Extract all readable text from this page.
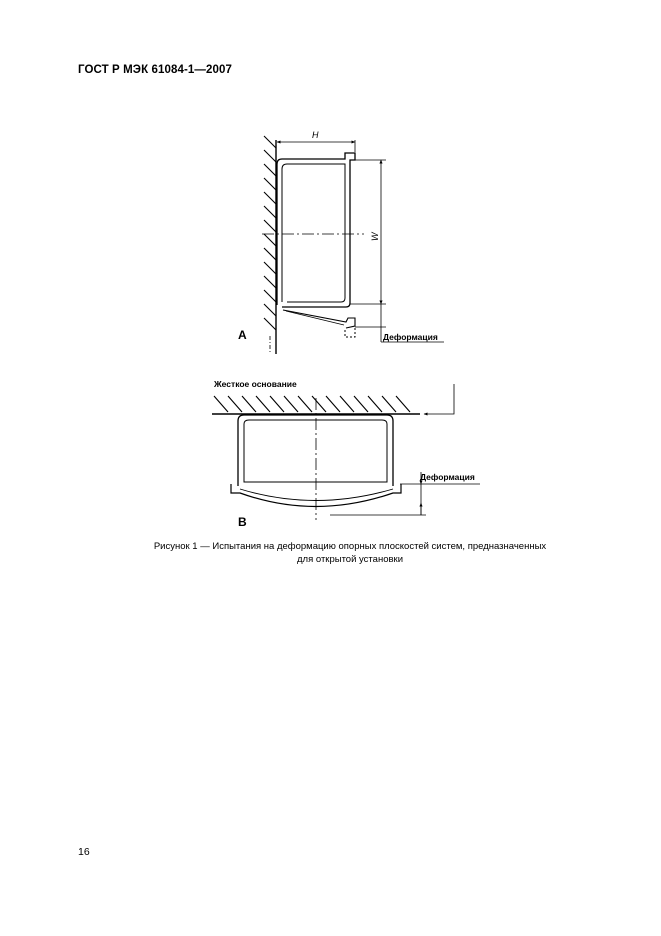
ГОСТ Р МЭК 61084-1—2007
H
W
Деформация
A
Жесткое основание
Деформация
B
Рисунок 1 — Испытания на деформацию опорных плоскостей систем, предназначенных
для открытой установки
16
